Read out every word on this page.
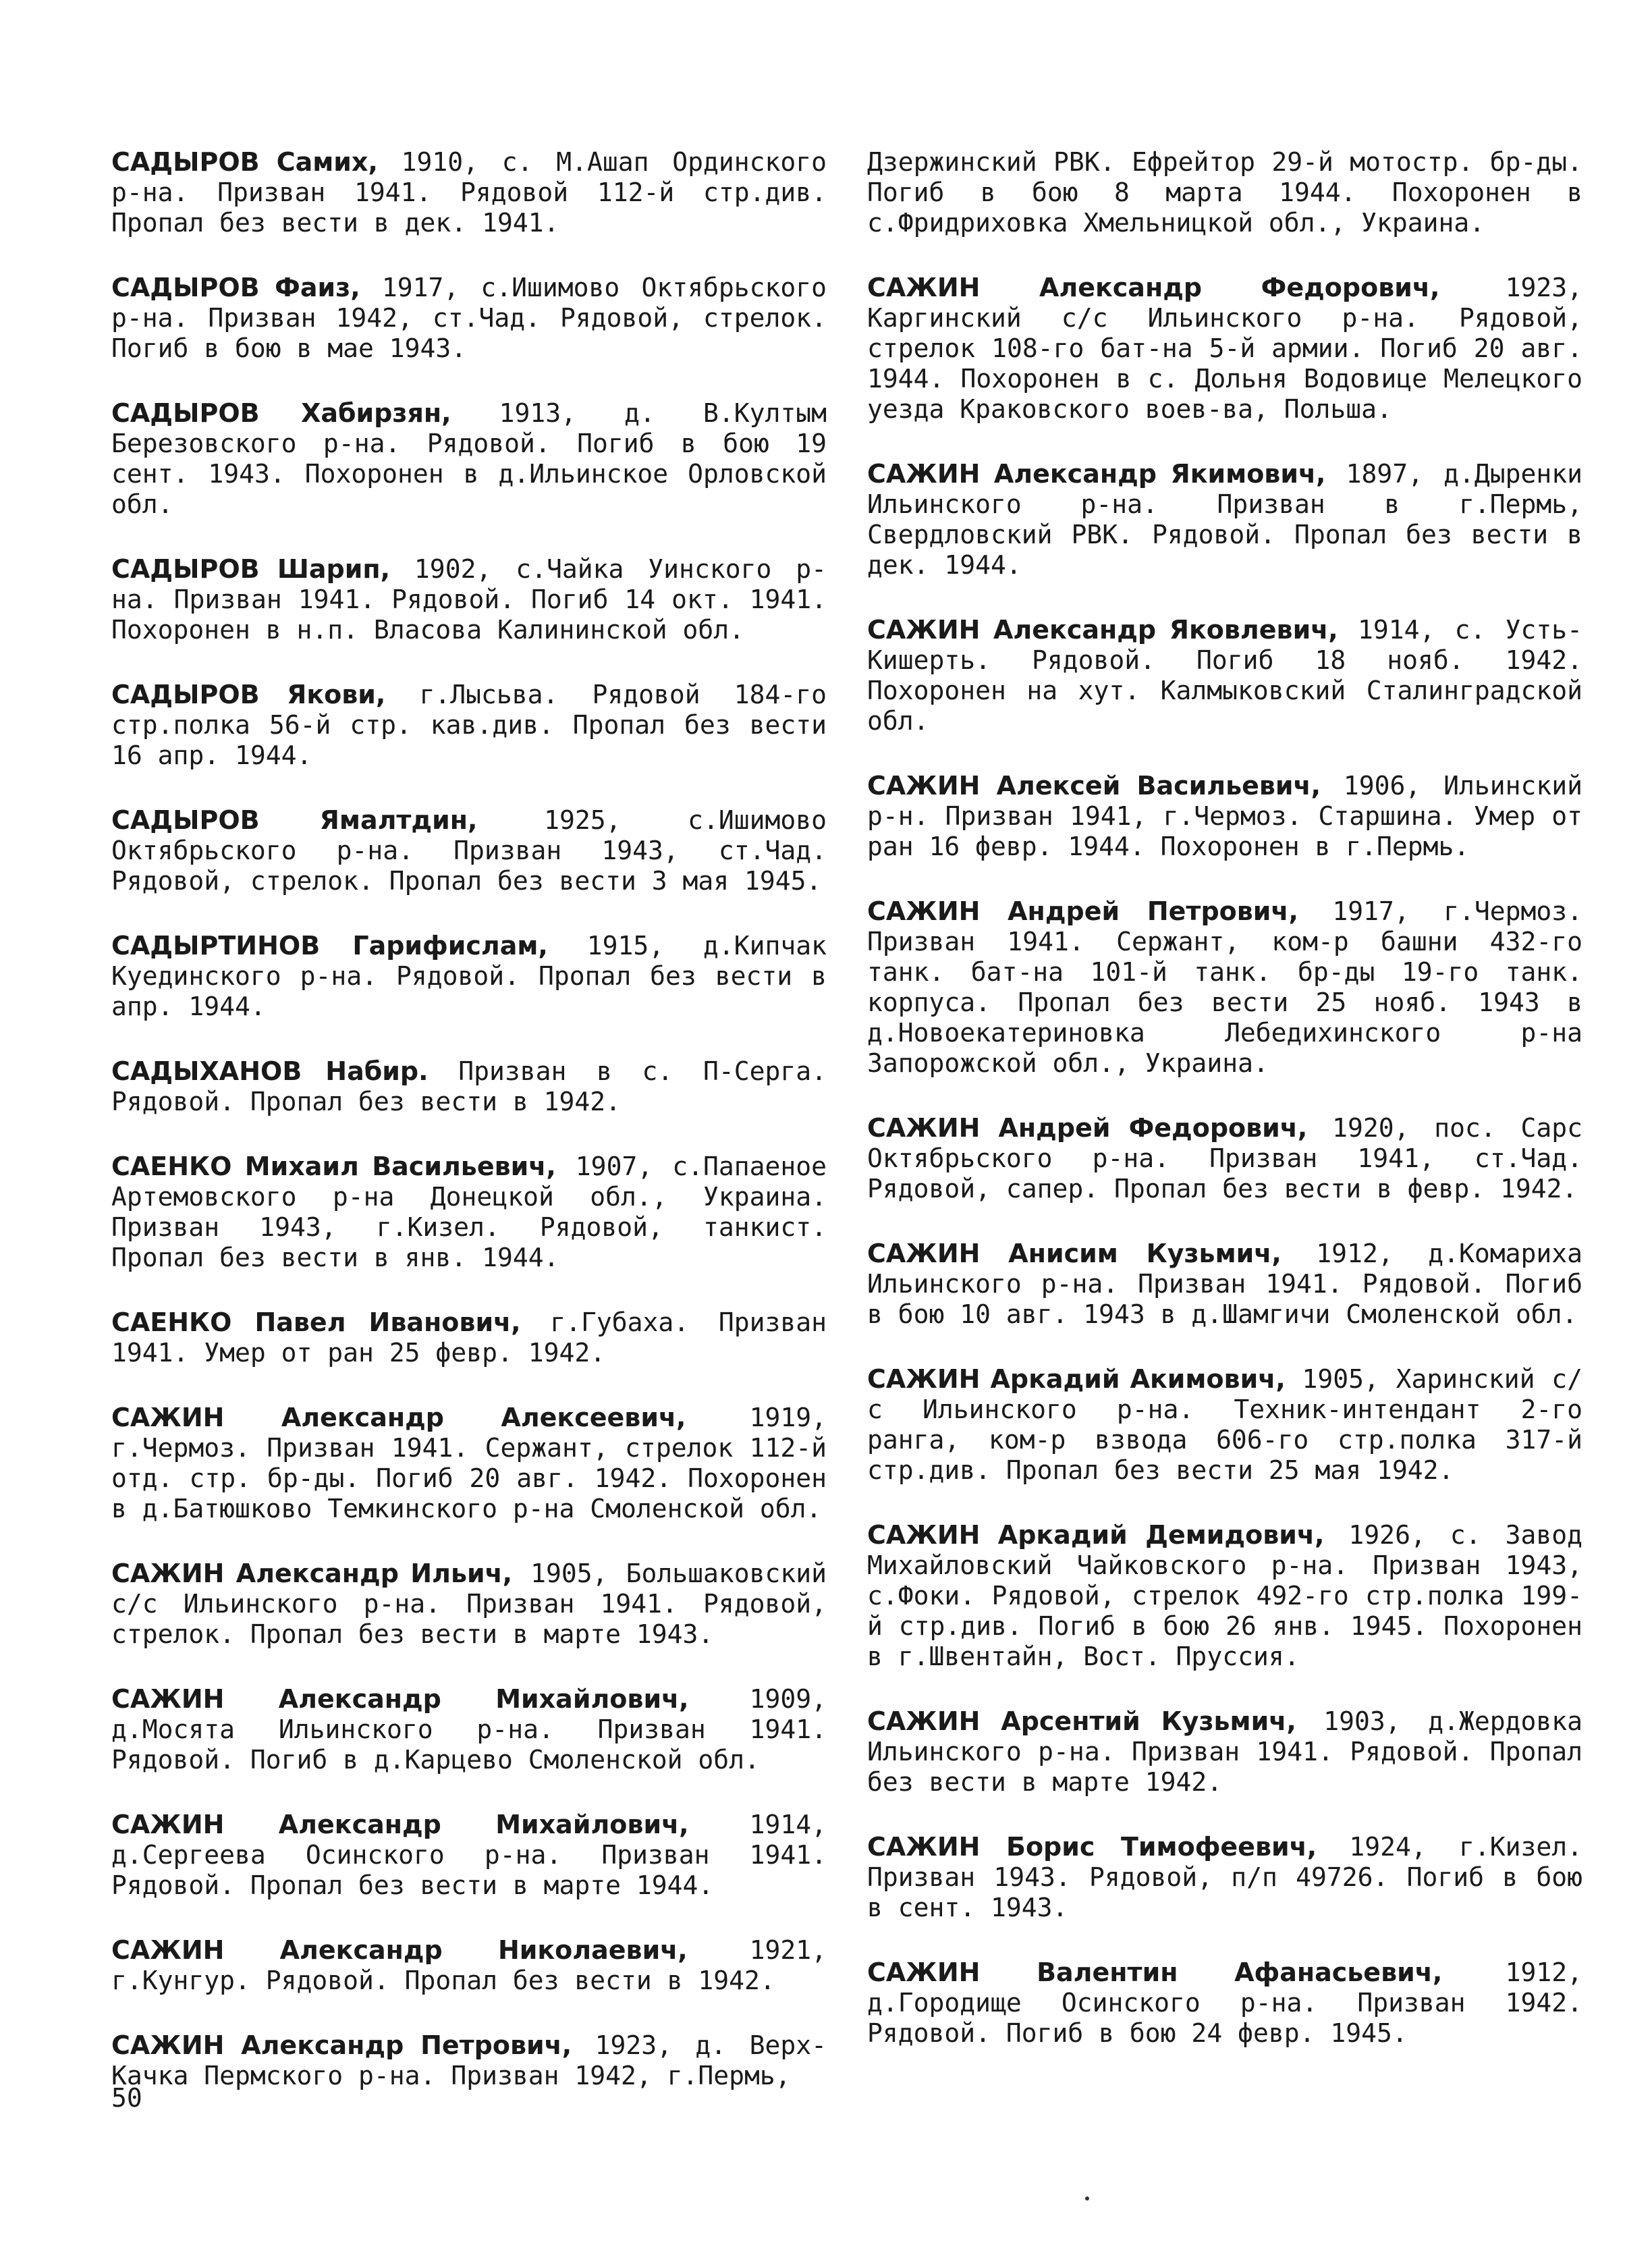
САДЫРОВ Самих, 1910, с. М.Ашап Ординского р-на. Призван 1941. Рядовой 112-й стр.див. Пропал без вести в дек. 1941.

САДЫРОВ Фаиз, 1917, с.Ишимово Октябрьского р-на. Призван 1942, ст.Чад. Рядовой, стрелок. Погиб в бою в мае 1943.

САДЫРОВ Хабирзян, 1913, д. В.Култым Березовского р-на. Рядовой. Погиб в бою 19 сент. 1943. Похоронен в д.Ильинское Орловской обл.

САДЫРОВ Шарип, 1902, с.Чайка Уинского р-на. Призван 1941. Рядовой. Погиб 14 окт. 1941. Похоронен в н.п. Власова Калининской обл.

САДЫРОВ Якови, г.Лысьва. Рядовой 184-го стр.полка 56-й стр. кав.див. Пропал без вести 16 апр. 1944.

САДЫРОВ Ямалтдин, 1925, с.Ишимово Октябрьского р-на. Призван 1943, ст.Чад. Рядовой, стрелок. Пропал без вести 3 мая 1945.

САДЫРТИНОВ Гарифислам, 1915, д.Кипчак Куединского р-на. Рядовой. Пропал без вести в апр. 1944.

САДЫХАНОВ Набир. Призван в с. П-Серга. Рядовой. Пропал без вести в 1942.

САЕНКО Михаил Васильевич, 1907, с.Папаеное Артемовского р-на Донецкой обл., Украина. Призван 1943, г.Кизел. Рядовой, танкист. Пропал без вести в янв. 1944.

САЕНКО Павел Иванович, г.Губаха. Призван 1941. Умер от ран 25 февр. 1942.

САЖИН Александр Алексеевич, 1919, г.Чермоз. Призван 1941. Сержант, стрелок 112-й отд. стр. бр-ды. Погиб 20 авг. 1942. Похоронен в д.Батюшково Темкинского р-на Смоленской обл.

САЖИН Александр Ильич, 1905, Большаковский с/с Ильинского р-на. Призван 1941. Рядовой, стрелок. Пропал без вести в марте 1943.

САЖИН Александр Михайлович, 1909, д.Мосята Ильинского р-на. Призван 1941. Рядовой. Погиб в д.Карцево Смоленской обл.

САЖИН Александр Михайлович, 1914, д.Сергеева Осинского р-на. Призван 1941. Рядовой. Пропал без вести в марте 1944.

САЖИН Александр Николаевич, 1921, г.Кунгур. Рядовой. Пропал без вести в 1942.

САЖИН Александр Петрович, 1923, д. Верх-Качка Пермского р-на. Призван 1942, г.Пермь,

Дзержинский РВК. Ефрейтор 29-й мотостр. бр-ды. Погиб в бою 8 марта 1944. Похоронен в с.Фридриховка Хмельницкой обл., Украина.

САЖИН Александр Федорович, 1923, Каргинский с/с Ильинского р-на. Рядовой, стрелок 108-го бат-на 5-й армии. Погиб 20 авг. 1944. Похоронен в с. Дольня Водовице Мелецкого уезда Краковского воев-ва, Польша.

САЖИН Александр Якимович, 1897, д.Дыренки Ильинского р-на. Призван в г.Пермь, Свердловский РВК. Рядовой. Пропал без вести в дек. 1944.

САЖИН Александр Яковлевич, 1914, с. Усть-Кишерть. Рядовой. Погиб 18 нояб. 1942. Похоронен на хут. Калмыковский Сталинградской обл.

САЖИН Алексей Васильевич, 1906, Ильинский р-н. Призван 1941, г.Чермоз. Старшина. Умер от ран 16 февр. 1944. Похоронен в г.Пермь.

САЖИН Андрей Петрович, 1917, г.Чермоз. Призван 1941. Сержант, ком-р башни 432-го танк. бат-на 101-й танк. бр-ды 19-го танк. корпуса. Пропал без вести 25 нояб. 1943 в д.Новоекатериновка Лебедихинского р-на Запорожской обл., Украина.

САЖИН Андрей Федорович, 1920, пос. Сарс Октябрьского р-на. Призван 1941, ст.Чад. Рядовой, сапер. Пропал без вести в февр. 1942.

САЖИН Анисим Кузьмич, 1912, д.Комариха Ильинского р-на. Призван 1941. Рядовой. Погиб в бою 10 авг. 1943 в д.Шамгичи Смоленской обл.

САЖИН Аркадий Акимович, 1905, Харинский с/с Ильинского р-на. Техник-интендант 2-го ранга, ком-р взвода 606-го стр.полка 317-й стр.див. Пропал без вести 25 мая 1942.

САЖИН Аркадий Демидович, 1926, с. Завод Михайловский Чайковского р-на. Призван 1943, с.Фоки. Рядовой, стрелок 492-го стр.полка 199-й стр.див. Погиб в бою 26 янв. 1945. Похоронен в г.Швентайн, Вост. Пруссия.

САЖИН Арсентий Кузьмич, 1903, д.Жердовка Ильинского р-на. Призван 1941. Рядовой. Пропал без вести в марте 1942.

САЖИН Борис Тимофеевич, 1924, г.Кизел. Призван 1943. Рядовой, п/п 49726. Погиб в бою в сент. 1943.

САЖИН Валентин Афанасьевич, 1912, д.Городище Осинского р-на. Призван 1942. Рядовой. Погиб в бою 24 февр. 1945.

50
